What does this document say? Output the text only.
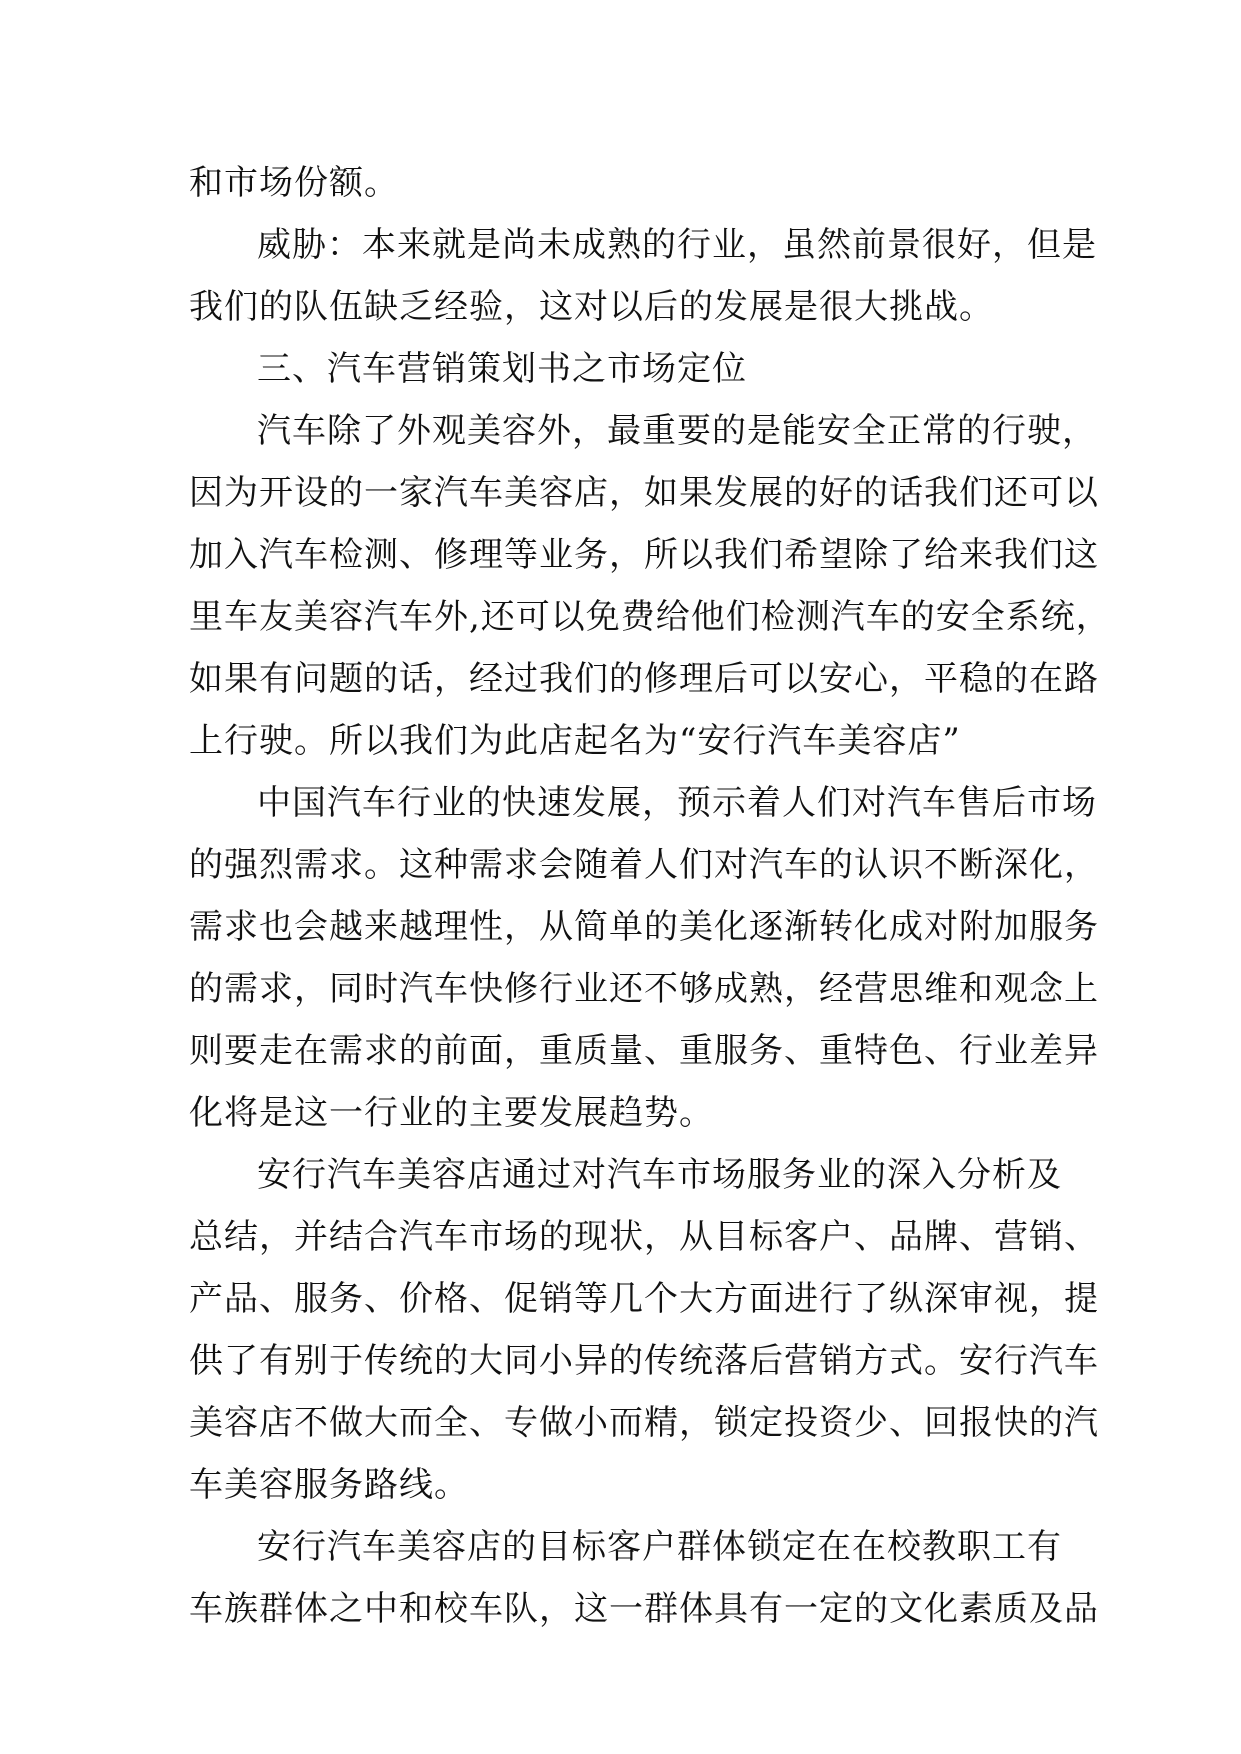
和市场份额。
威胁：本来就是尚未成熟的行业，虽然前景很好，但是
我们的队伍缺乏经验，这对以后的发展是很大挑战。
三、汽车营销策划书之市场定位
汽车除了外观美容外，最重要的是能安全正常的行驶，
因为开设的一家汽车美容店，如果发展的好的话我们还可以
加入汽车检测、修理等业务，所以我们希望除了给来我们这
里车友美容汽车外,还可以免费给他们检测汽车的安全系统，
如果有问题的话，经过我们的修理后可以安心，平稳的在路
上行驶。所以我们为此店起名为“安行汽车美容店”
中国汽车行业的快速发展，预示着人们对汽车售后市场
的强烈需求。这种需求会随着人们对汽车的认识不断深化，
需求也会越来越理性，从简单的美化逐渐转化成对附加服务
的需求，同时汽车快修行业还不够成熟，经营思维和观念上
则要走在需求的前面，重质量、重服务、重特色、行业差异
化将是这一行业的主要发展趋势。
安行汽车美容店通过对汽车市场服务业的深入分析及
总结，并结合汽车市场的现状，从目标客户、品牌、营销、
产品、服务、价格、促销等几个大方面进行了纵深审视，提
供了有别于传统的大同小异的传统落后营销方式。安行汽车
美容店不做大而全、专做小而精，锁定投资少、回报快的汽
车美容服务路线。
安行汽车美容店的目标客户群体锁定在在校教职工有
车族群体之中和校车队，这一群体具有一定的文化素质及品
